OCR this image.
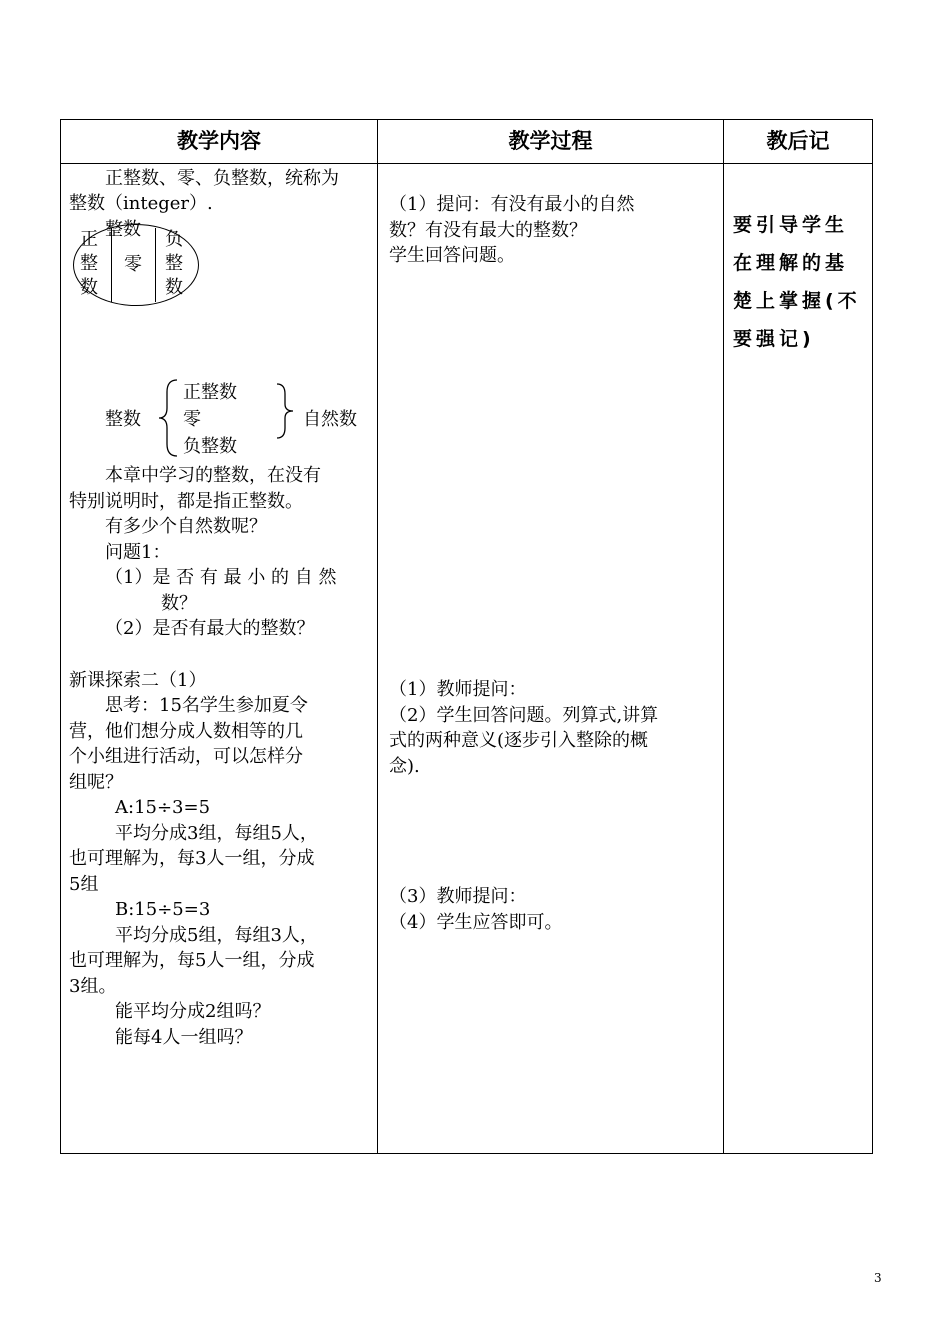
教学内容	教学过程	教后记
正整数、零、负整数，统称为
整数（integer）.
整数
正
整
数
零
负
整
数
整数
正整数
零
负整数
自然数
本章中学习的整数，在没有
特别说明时，都是指正整数。
有多少个自然数呢？
问题1：
（1）是 否 有 最 小 的 自 然
数？
（2）是否有最大的整数？
新课探索二（1）
思考：15名学生参加夏令
营，他们想分成人数相等的几
个小组进行活动，可以怎样分
组呢？
A:15÷3=5
平均分成3组，每组5人，
也可理解为，每3人一组，分成
5组
B:15÷5=3
平均分成5组，每组3人，
也可理解为，每5人一组，分成
3组。
能平均分成2组吗？
能每4人一组吗？
（1）提问：有没有最小的自然
数？有没有最大的整数？
学生回答问题。
（1）教师提问：
（2）学生回答问题。列算式,讲算
式的两种意义(逐步引入整除的概
念).
（3）教师提问：
（4）学生应答即可。
要引导学生在理解的基楚上掌握(不要强记)
3
